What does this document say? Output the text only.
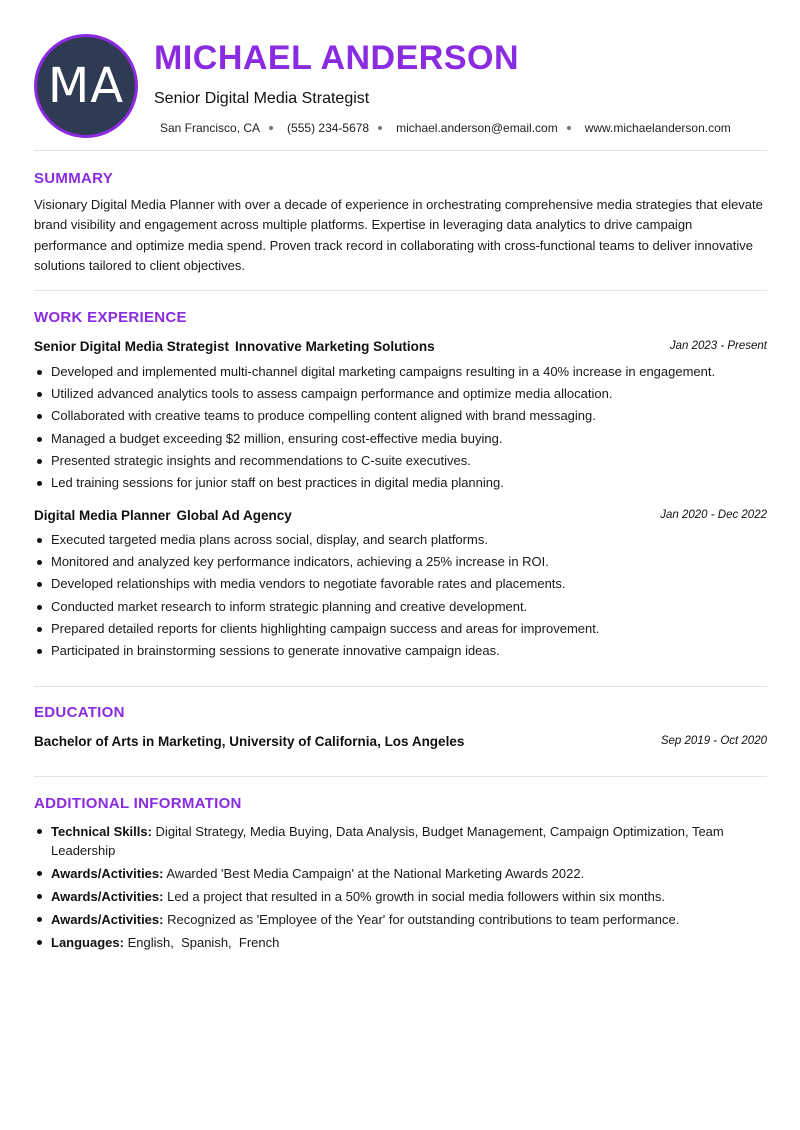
MA MICHAEL ANDERSON
Senior Digital Media Strategist
San Francisco, CA (555) 234-5678 michael.anderson@email.com www.michaelanderson.com
SUMMARY
Visionary Digital Media Planner with over a decade of experience in orchestrating comprehensive media strategies that elevate brand visibility and engagement across multiple platforms. Expertise in leveraging data analytics to drive campaign performance and optimize media spend. Proven track record in collaborating with cross-functional teams to deliver innovative solutions tailored to client objectives.
WORK EXPERIENCE
Senior Digital Media Strategist Innovative Marketing Solutions	Jan 2023 - Present
Developed and implemented multi-channel digital marketing campaigns resulting in a 40% increase in engagement.
Utilized advanced analytics tools to assess campaign performance and optimize media allocation.
Collaborated with creative teams to produce compelling content aligned with brand messaging.
Managed a budget exceeding $2 million, ensuring cost-effective media buying.
Presented strategic insights and recommendations to C-suite executives.
Led training sessions for junior staff on best practices in digital media planning.
Digital Media Planner Global Ad Agency	Jan 2020 - Dec 2022
Executed targeted media plans across social, display, and search platforms.
Monitored and analyzed key performance indicators, achieving a 25% increase in ROI.
Developed relationships with media vendors to negotiate favorable rates and placements.
Conducted market research to inform strategic planning and creative development.
Prepared detailed reports for clients highlighting campaign success and areas for improvement.
Participated in brainstorming sessions to generate innovative campaign ideas.
EDUCATION
Bachelor of Arts in Marketing, University of California, Los Angeles	Sep 2019 - Oct 2020
ADDITIONAL INFORMATION
Technical Skills: Digital Strategy, Media Buying, Data Analysis, Budget Management, Campaign Optimization, Team Leadership
Awards/Activities: Awarded 'Best Media Campaign' at the National Marketing Awards 2022.
Awards/Activities: Led a project that resulted in a 50% growth in social media followers within six months.
Awards/Activities: Recognized as 'Employee of the Year' for outstanding contributions to team performance.
Languages: English,  Spanish,  French
